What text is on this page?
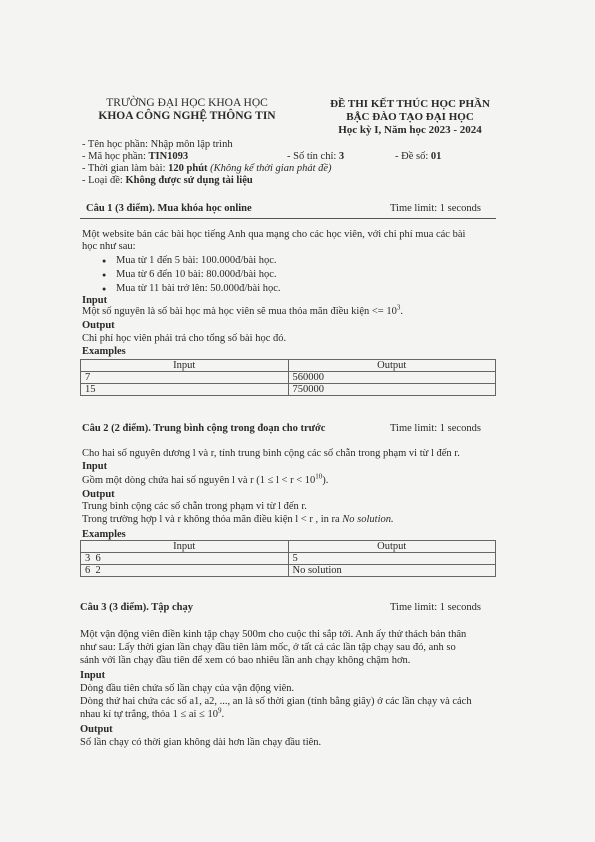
TRƯỜNG ĐẠI HỌC KHOA HỌC
KHOA CÔNG NGHỆ THÔNG TIN
ĐỀ THI KẾT THÚC HỌC PHẦN
BẬC ĐÀO TẠO ĐẠI HỌC
Học kỳ I, Năm học 2023 - 2024
- Tên học phần: Nhập môn lập trình
- Mã học phần: TIN1093	- Số tín chỉ: 3	- Đề số: 01
- Thời gian làm bài: 120 phút (Không kể thời gian phát đề)
- Loại đề: Không được sử dụng tài liệu
Câu 1 (3 điểm). Mua khóa học online	Time limit: 1 seconds
Một website bán các bài học tiếng Anh qua mạng cho các học viên, với chi phí mua các bài
học như sau:
● Mua từ 1 đến 5 bài: 100.000đ/bài học.
● Mua từ 6 đến 10 bài: 80.000đ/bài học.
● Mua từ 11 bài trở lên: 50.000đ/bài học.
Input
Một số nguyên là số bài học mà học viên sẽ mua thỏa mãn điều kiện <= $10^3$.
Output
Chi phí học viên phải trả cho tổng số bài học đó.
Examples
Input	Output
7	560000
15	750000
Câu 2 (2 điểm). Trung bình cộng trong đoạn cho trước	Time limit: 1 seconds
Cho hai số nguyên dương l và r, tính trung bình cộng các số chẵn trong phạm vi từ l đến r.
Input
Gồm một dòng chứa hai số nguyên l và r $(1 \le l < r < 10^{10})$.
Output
Trung bình cộng các số chẵn trong phạm vi từ l đến r.
Trong trường hợp l và r không thỏa mãn điều kiện l < r , in ra No solution.
Examples
Input	Output
3  6	5
6  2	No solution
Câu 3 (3 điểm). Tập chạy	Time limit: 1 seconds
Một vận động viên điền kinh tập chạy 500m cho cuộc thi sắp tới. Anh ấy thử thách bản thân
như sau: Lấy thời gian lần chạy đầu tiên làm mốc, ở tất cả các lần tập chạy sau đó, anh so
sánh với lần chạy đầu tiên để xem có bao nhiêu lần anh chạy không chậm hơn.
Input
Dòng đầu tiên chứa số lần chạy của vận động viên.
Dòng thứ hai chứa các số a1, a2, ..., an là số thời gian (tính bằng giây) ở các lần chạy và cách
nhau kí tự trắng, thỏa 1 ≤ ai ≤ $10^9$.
Output
Số lần chạy có thời gian không dài hơn lần chạy đầu tiên.
